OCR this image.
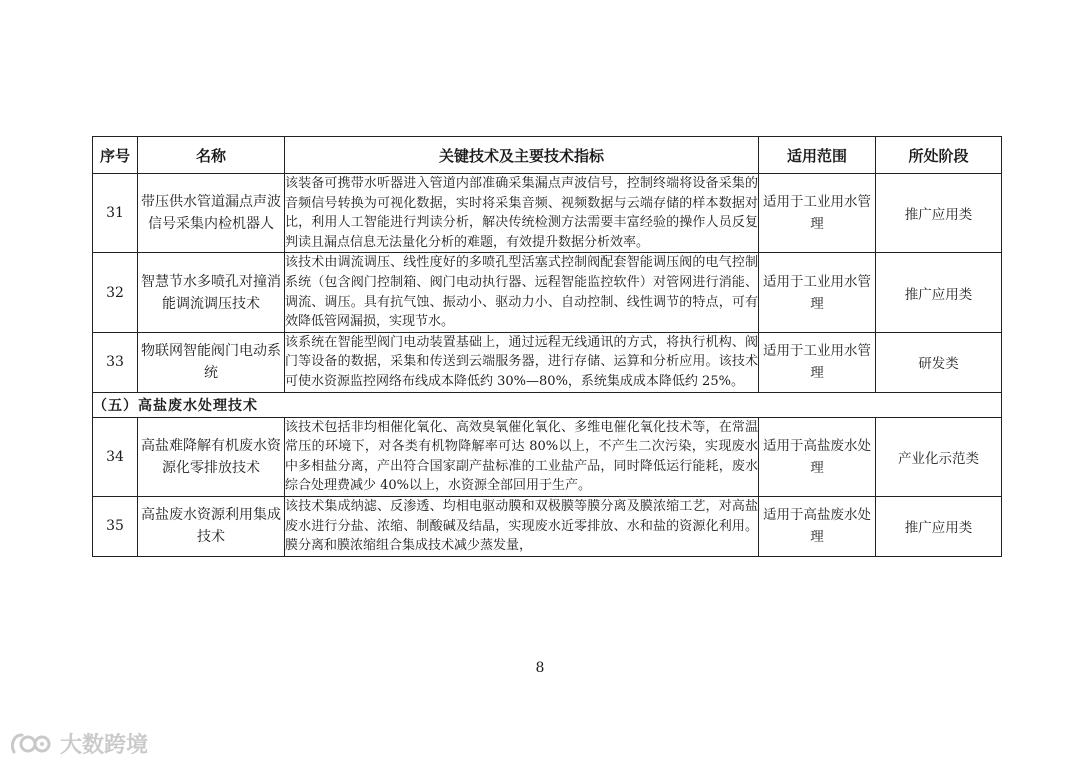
序号	名称	关键技术及主要技术指标	适用范围	所处阶段
31	带压供水管道漏点声波信号采集内检机器人	该装备可携带水听器进入管道内部准确采集漏点声波信号，控制终端将设备采集的音频信号转换为可视化数据，实时将采集音频、视频数据与云端存储的样本数据对比，利用人工智能进行判读分析，解决传统检测方法需要丰富经验的操作人员反复判读且漏点信息无法量化分析的难题，有效提升数据分析效率。	适用于工业用水管理	推广应用类
32	智慧节水多喷孔对撞消能调流调压技术	该技术由调流调压、线性度好的多喷孔型活塞式控制阀配套智能调压阀的电气控制系统（包含阀门控制箱、阀门电动执行器、远程智能监控软件）对管网进行消能、调流、调压。具有抗气蚀、振动小、驱动力小、自动控制、线性调节的特点，可有效降低管网漏损，实现节水。	适用于工业用水管理	推广应用类
33	物联网智能阀门电动系统	该系统在智能型阀门电动装置基础上，通过远程无线通讯的方式，将执行机构、阀门等设备的数据，采集和传送到云端服务器，进行存储、运算和分析应用。该技术可使水资源监控网络布线成本降低约 30%—80%，系统集成成本降低约 25%。	适用于工业用水管理	研发类
（五）高盐废水处理技术				
34	高盐难降解有机废水资源化零排放技术	该技术包括非均相催化氧化、高效臭氧催化氧化、多维电催化氧化技术等，在常温常压的环境下，对各类有机物降解率可达 80%以上，不产生二次污染，实现废水中多相盐分离，产出符合国家副产盐标准的工业盐产品，同时降低运行能耗，废水综合处理费减少 40%以上，水资源全部回用于生产。	适用于高盐废水处理	产业化示范类
35	高盐废水资源利用集成技术	该技术集成纳滤、反渗透、均相电驱动膜和双极膜等膜分离及膜浓缩工艺，对高盐废水进行分盐、浓缩、制酸碱及结晶，实现废水近零排放、水和盐的资源化利用。膜分离和膜浓缩组合集成技术减少蒸发量，	适用于高盐废水处理	推广应用类
8
大数跨境
